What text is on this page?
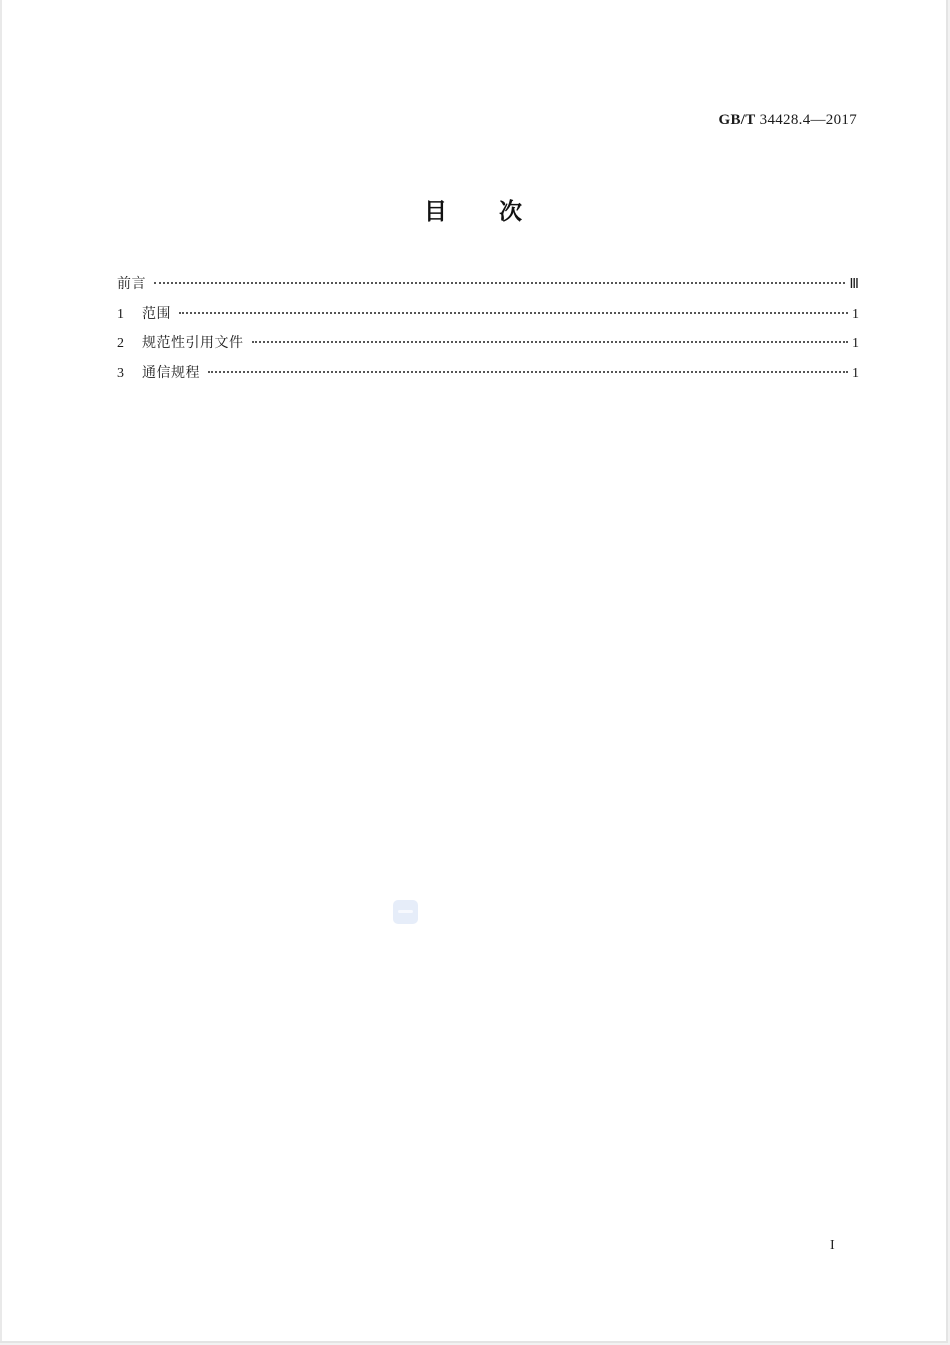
GB/T 34428.4—2017
目次
前言	Ⅲ
1	范围	1
2	规范性引用文件	1
3	通信规程	1
I
